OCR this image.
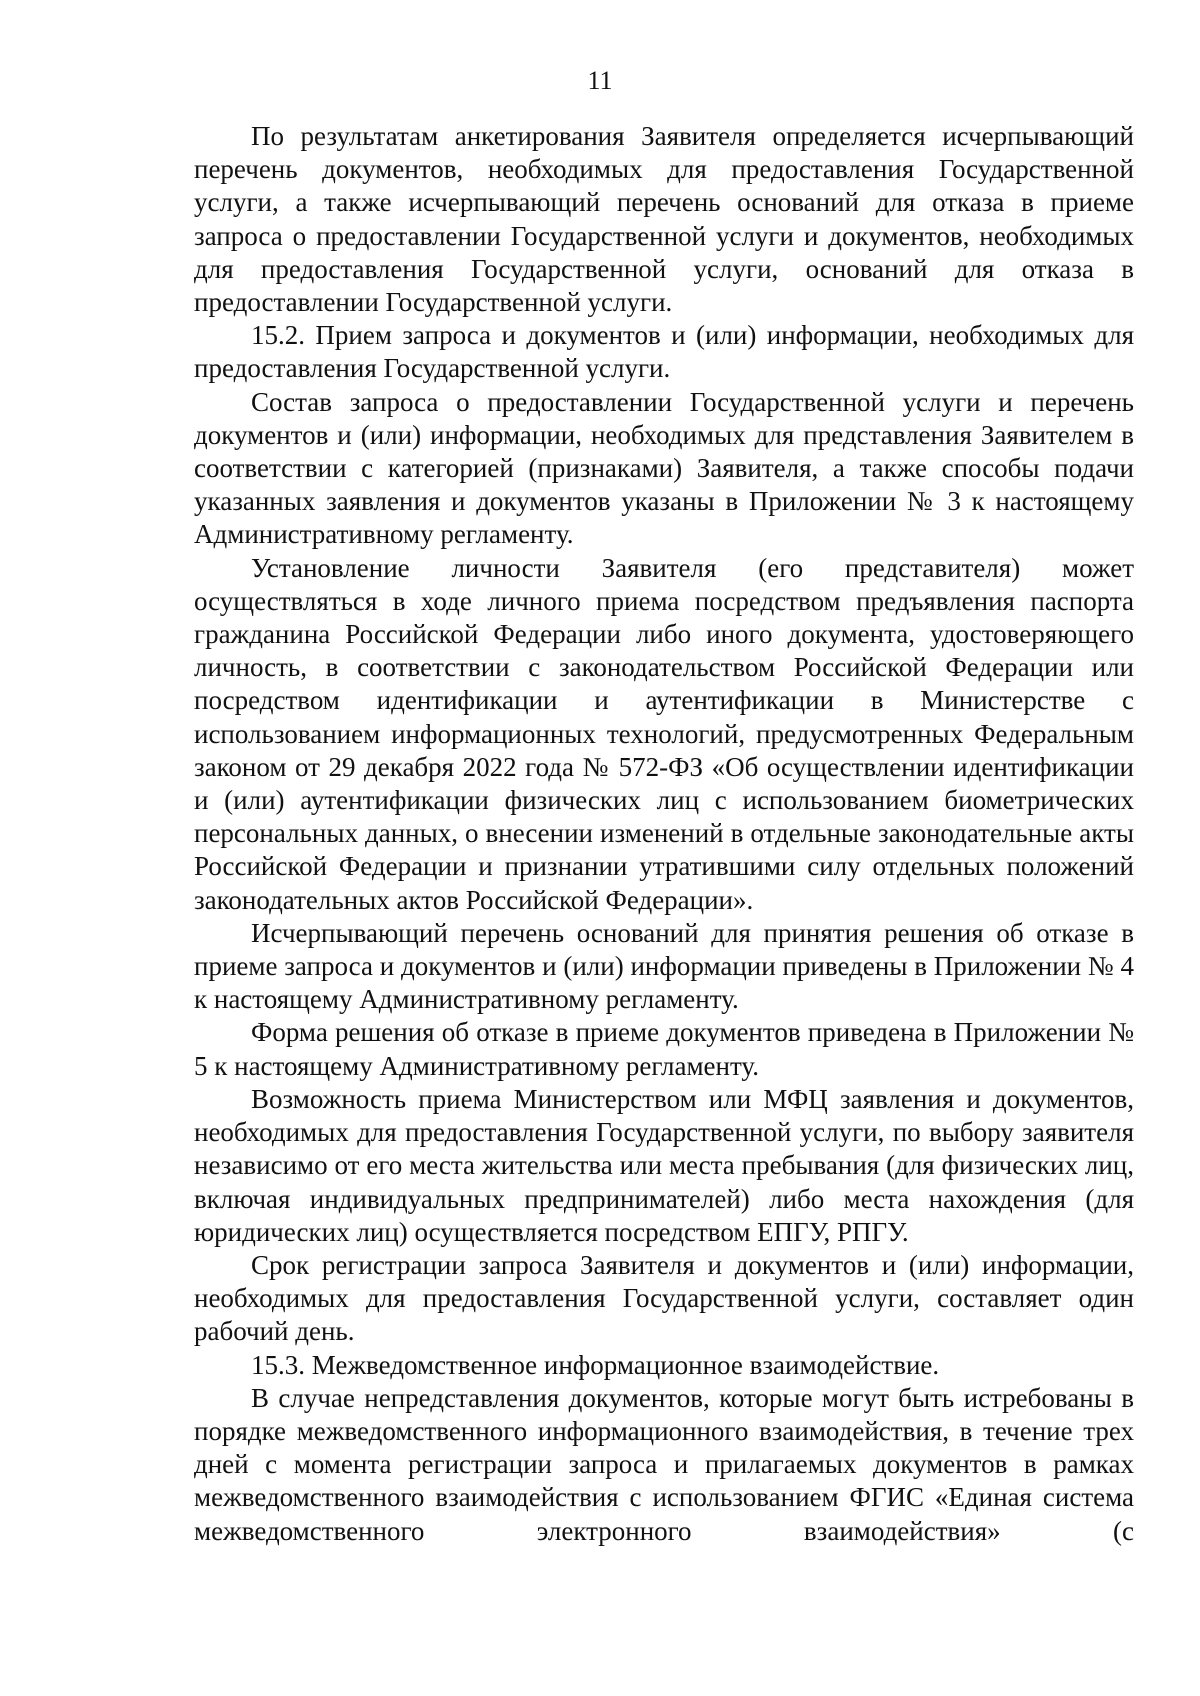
11

По результатам анкетирования Заявителя определяется исчерпывающий перечень документов, необходимых для предоставления Государственной услуги, а также исчерпывающий перечень оснований для отказа в приеме запроса о предоставлении Государственной услуги и документов, необходимых для предоставления Государственной услуги, оснований для отказа в предоставлении Государственной услуги.

15.2. Прием запроса и документов и (или) информации, необходимых для предоставления Государственной услуги.

Состав запроса о предоставлении Государственной услуги и перечень документов и (или) информации, необходимых для представления Заявителем в соответствии с категорией (признаками) Заявителя, а также способы подачи указанных заявления и документов указаны в Приложении № 3 к настоящему Административному регламенту.

Установление личности Заявителя (его представителя) может осуществляться в ходе личного приема посредством предъявления паспорта гражданина Российской Федерации либо иного документа, удостоверяющего личность, в соответствии с законодательством Российской Федерации или посредством идентификации и аутентификации в Министерстве с использованием информационных технологий, предусмотренных Федеральным законом от 29 декабря 2022 года № 572-ФЗ «Об осуществлении идентификации и (или) аутентификации физических лиц с использованием биометрических персональных данных, о внесении изменений в отдельные законодательные акты Российской Федерации и признании утратившими силу отдельных положений законодательных актов Российской Федерации».

Исчерпывающий перечень оснований для принятия решения об отказе в приеме запроса и документов и (или) информации приведены в Приложении № 4 к настоящему Административному регламенту.

Форма решения об отказе в приеме документов приведена в Приложении № 5 к настоящему Административному регламенту.

Возможность приема Министерством или МФЦ заявления и документов, необходимых для предоставления Государственной услуги, по выбору заявителя независимо от его места жительства или места пребывания (для физических лиц, включая индивидуальных предпринимателей) либо места нахождения (для юридических лиц) осуществляется посредством ЕПГУ, РПГУ.

Срок регистрации запроса Заявителя и документов и (или) информации, необходимых для предоставления Государственной услуги, составляет один рабочий день.

15.3. Межведомственное информационное взаимодействие.

В случае непредставления документов, которые могут быть истребованы в порядке межведомственного информационного взаимодействия, в течение трех дней с момента регистрации запроса и прилагаемых документов в рамках межведомственного взаимодействия с использованием ФГИС «Единая система межведомственного электронного взаимодействия» (с
